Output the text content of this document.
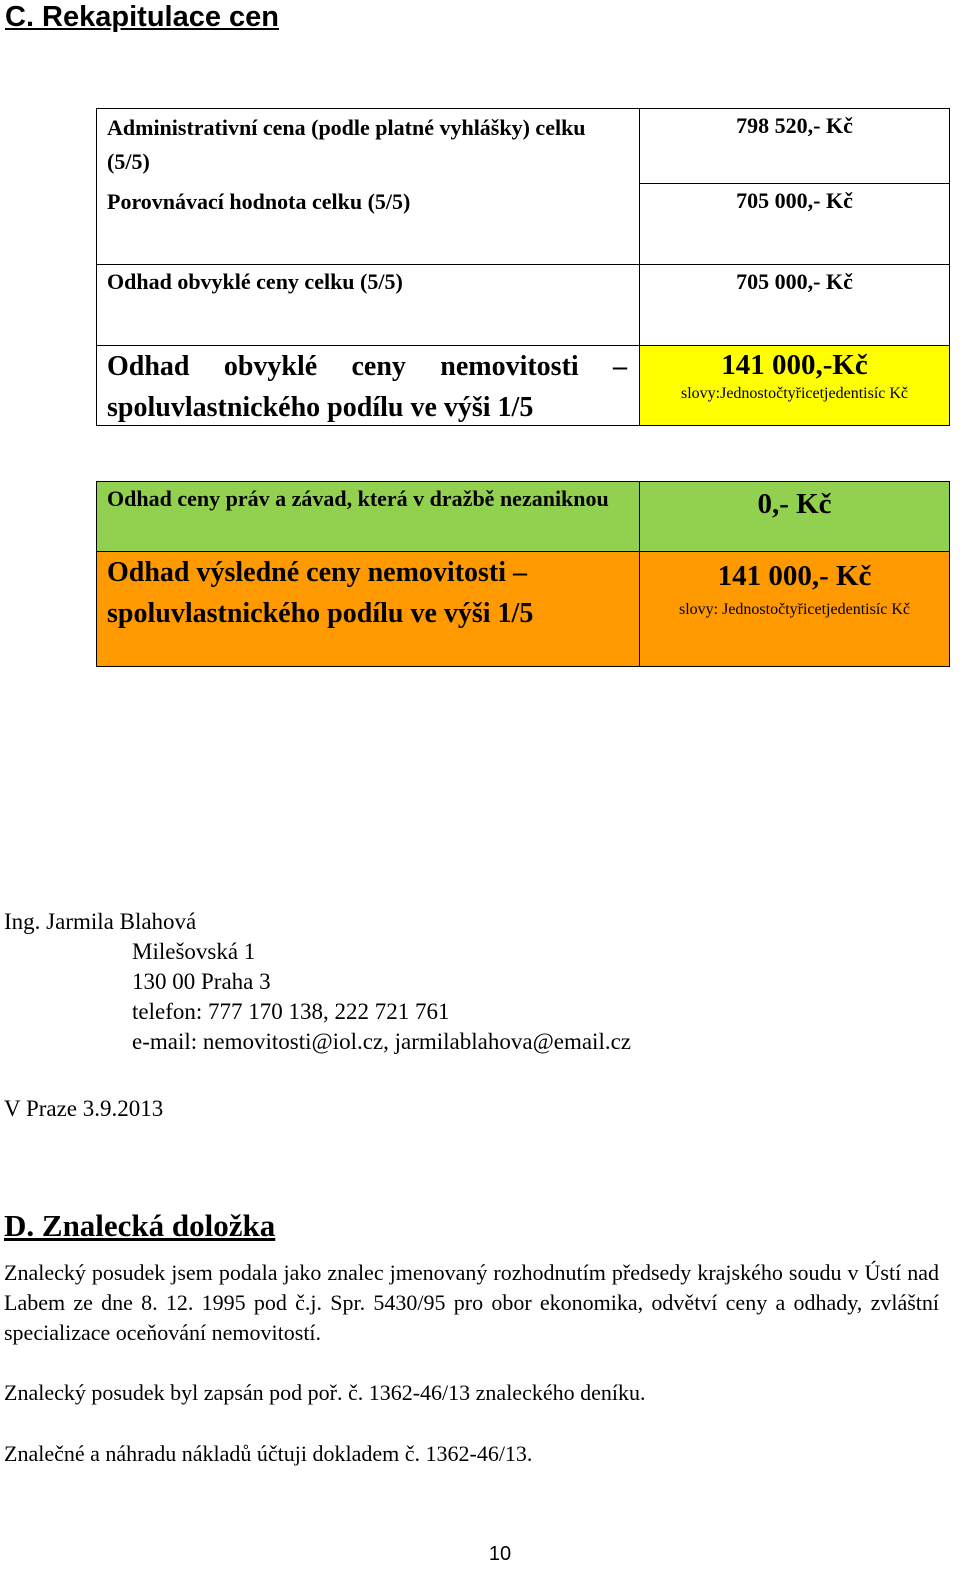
C. Rekapitulace cen
Administrativní cena (podle platné vyhlášky) celku (5/5)
Porovnávací hodnota celku (5/5)
798 520,- Kč
705 000,- Kč
Odhad obvyklé ceny celku (5/5)	705 000,- Kč
Odhad obvyklé ceny nemovitosti – spoluvlastnického podílu ve výši 1/5
141 000,-Kč
slovy:Jednostočtyřicetjedentisíc Kč
Odhad ceny práv a závad, která v dražbě nezaniknou	0,- Kč
Odhad výsledné ceny nemovitosti – spoluvlastnického podílu ve výši 1/5
141 000,- Kč
slovy: Jednostočtyřicetjedentisíc Kč
Ing. Jarmila Blahová
Milešovská 1
130 00 Praha 3
telefon: 777 170 138, 222 721 761
e-mail: nemovitosti@iol.cz, jarmilablahova@email.cz
V Praze 3.9.2013
D. Znalecká doložka
Znalecký posudek jsem podala jako znalec jmenovaný rozhodnutím předsedy krajského soudu v Ústí nad Labem ze dne 8. 12. 1995 pod č.j. Spr. 5430/95 pro obor ekonomika, odvětví ceny a odhady, zvláštní specializace oceňování nemovitostí.
Znalecký posudek byl zapsán pod poř. č. 1362-46/13 znaleckého deníku.
Znalečné a náhradu nákladů účtuji dokladem č. 1362-46/13.
10
